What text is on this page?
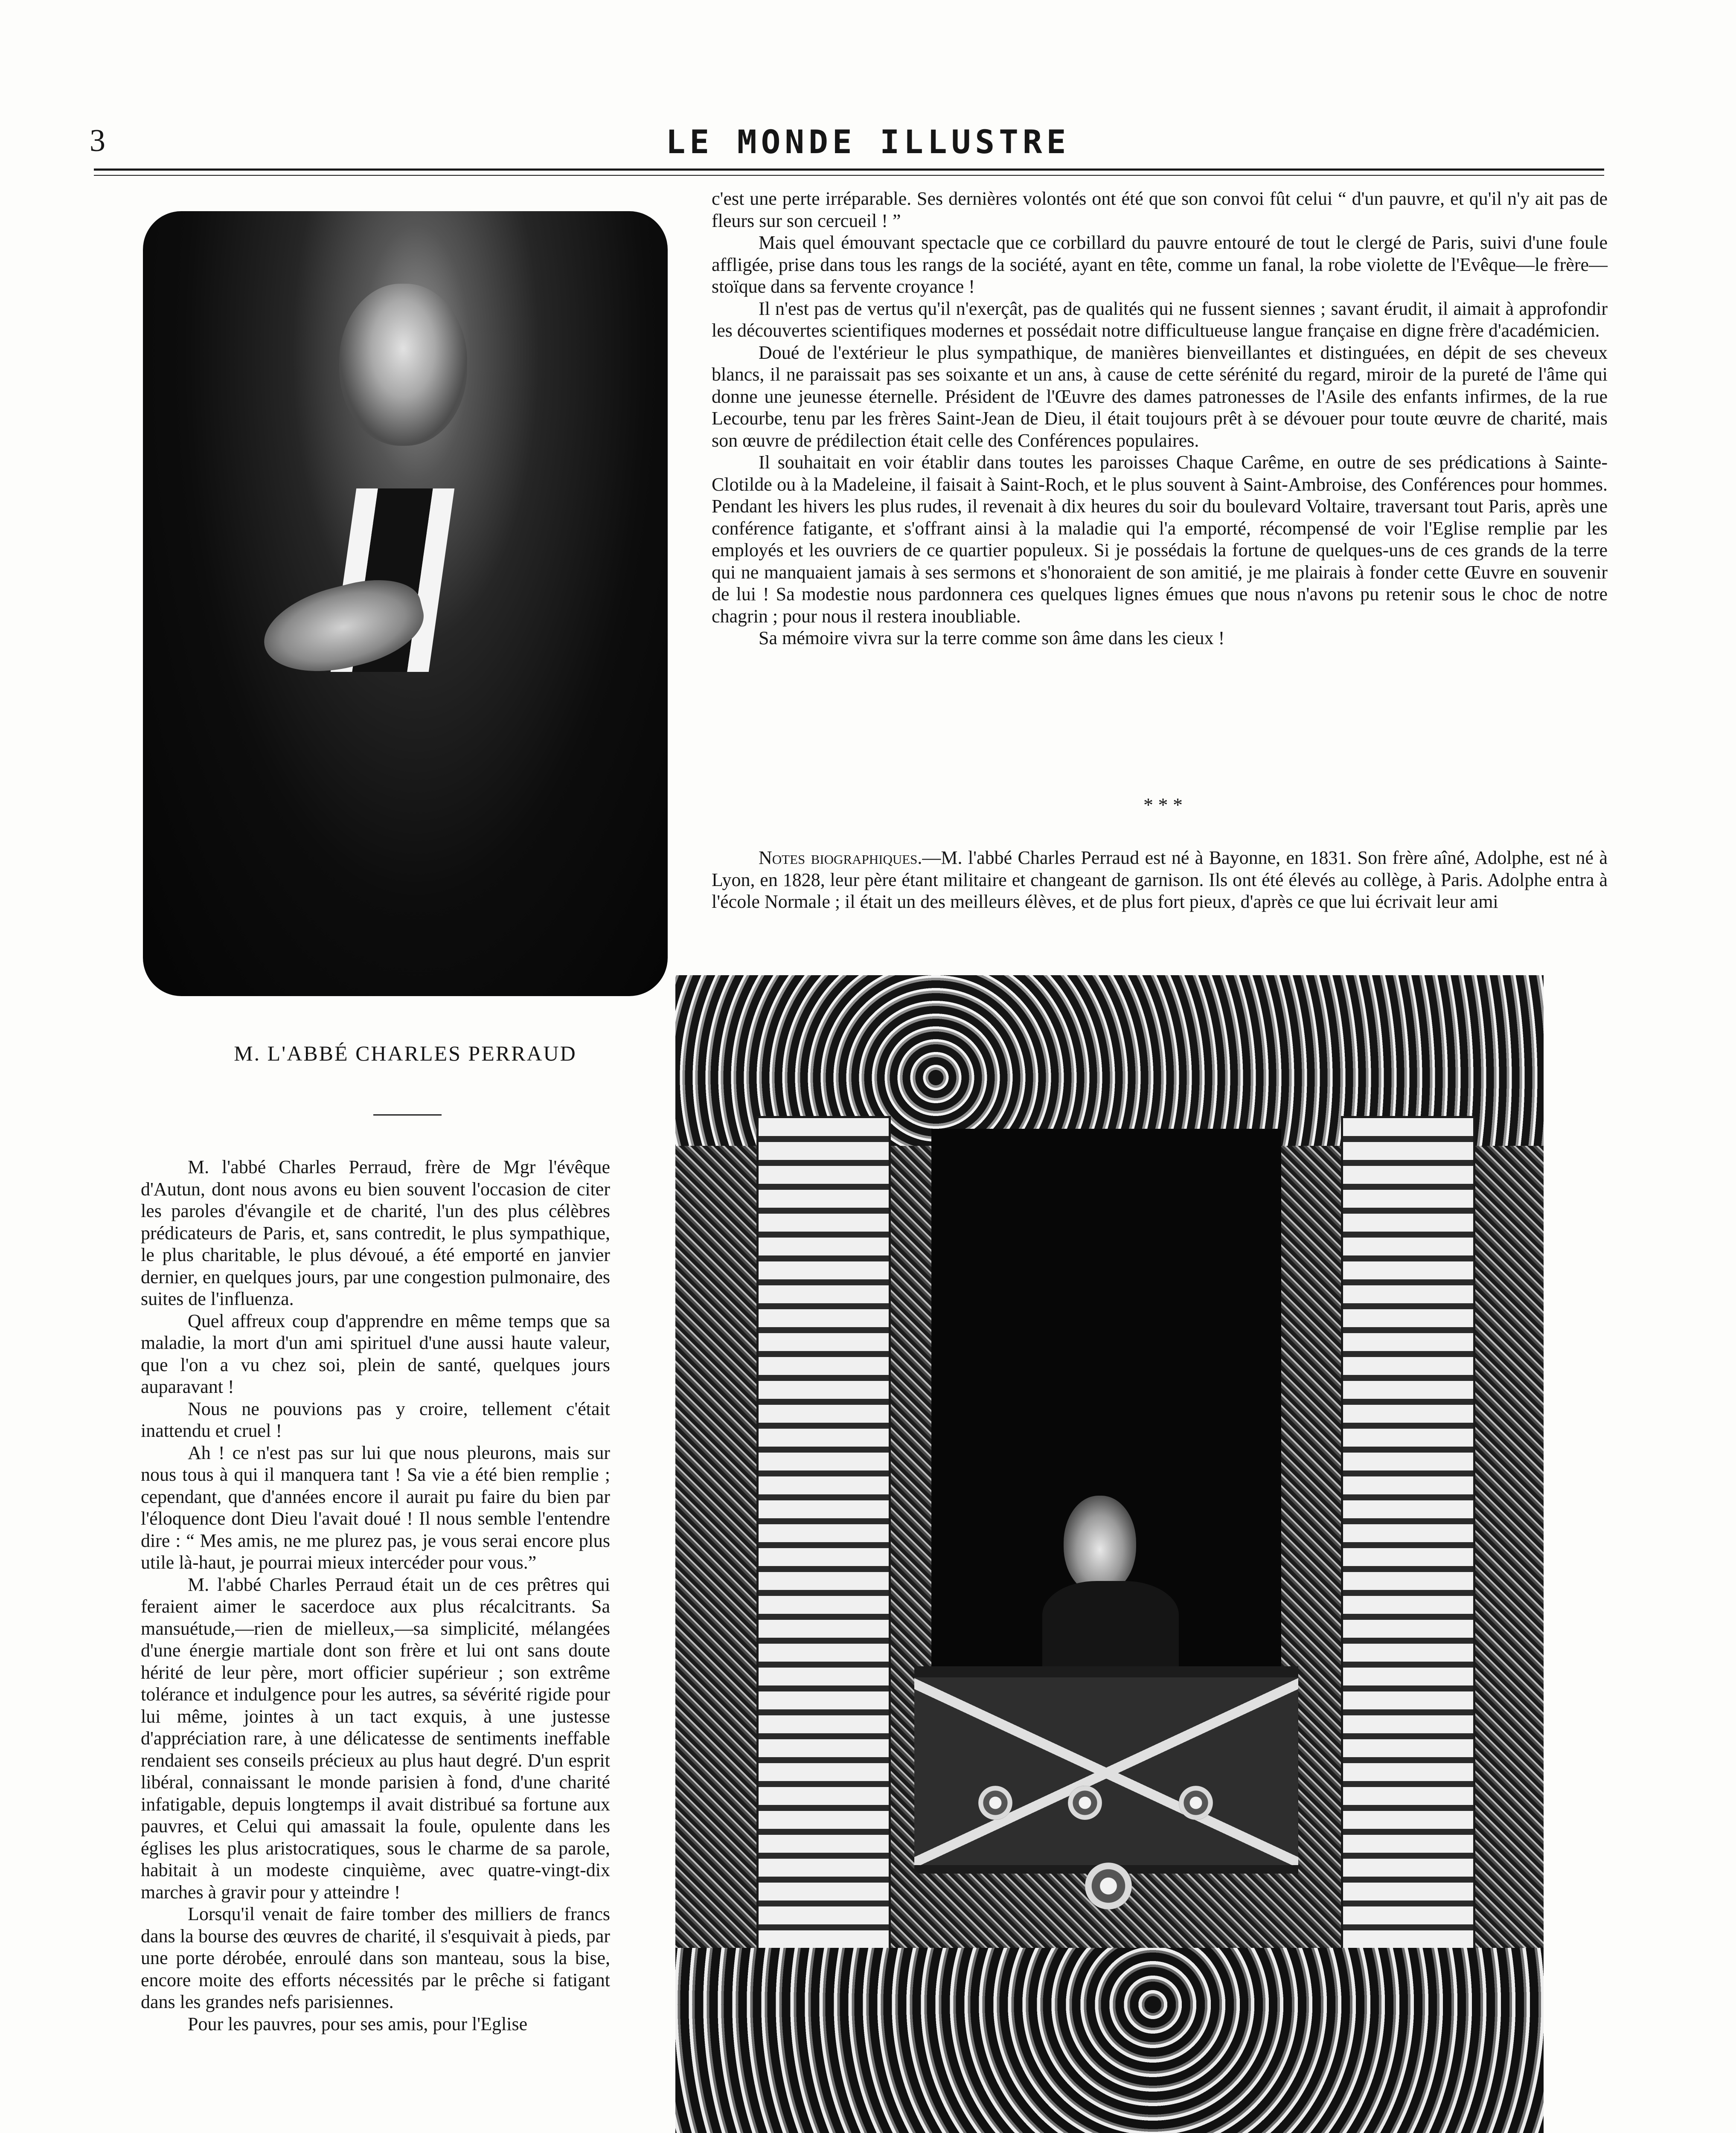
3	LE MONDE ILLUSTRE

c'est une perte irréparable. Ses dernières volontés ont été que son convoi fût celui “ d'un pauvre, et qu'il n'y ait pas de fleurs sur son cercueil ! ”

Mais quel émouvant spectacle que ce corbillard du pauvre entouré de tout le clergé de Paris, suivi d'une foule affligée, prise dans tous les rangs de la société, ayant en tête, comme un fanal, la robe violette de l'Evêque—le frère—stoïque dans sa fervente croyance !

Il n'est pas de vertus qu'il n'exerçât, pas de qualités qui ne fussent siennes ; savant érudit, il aimait à approfondir les découvertes scientifiques modernes et possédait notre difficultueuse langue française en digne frère d'académicien.

Doué de l'extérieur le plus sympathique, de manières bienveillantes et distinguées, en dépit de ses cheveux blancs, il ne paraissait pas ses soixante et un ans, à cause de cette sérénité du regard, miroir de la pureté de l'âme qui donne une jeunesse éternelle. Président de l'Œuvre des dames patronesses de l'Asile des enfants infirmes, de la rue Lecourbe, tenu par les frères Saint-Jean de Dieu, il était toujours prêt à se dévouer pour toute œuvre de charité, mais son œuvre de prédilection était celle des Conférences populaires.

Il souhaitait en voir établir dans toutes les paroisses Chaque Carême, en outre de ses prédications à Sainte-Clotilde ou à la Madeleine, il faisait à Saint-Roch, et le plus souvent à Saint-Ambroise, des Conférences pour hommes. Pendant les hivers les plus rudes, il revenait à dix heures du soir du boulevard Voltaire, traversant tout Paris, après une conférence fatigante, et s'offrant ainsi à la maladie qui l'a emporté, récompensé de voir l'Eglise remplie par les employés et les ouvriers de ce quartier populeux. Si je possédais la fortune de quelques-uns de ces grands de la terre qui ne manquaient jamais à ses sermons et s'honoraient de son amitié, je me plairais à fonder cette Œuvre en souvenir de lui ! Sa modestie nous pardonnera ces quelques lignes émues que nous n'avons pu retenir sous le choc de notre chagrin ; pour nous il restera inoubliable.

Sa mémoire vivra sur la terre comme son âme dans les cieux !

* * *

Notes biographiques.—M. l'abbé Charles Perraud est né à Bayonne, en 1831. Son frère aîné, Adolphe, est né à Lyon, en 1828, leur père étant militaire et changeant de garnison. Ils ont été élevés au collège, à Paris. Adolphe entra à l'école Normale ; il était un des meilleurs élèves, et de plus fort pieux, d'après ce que lui écrivait leur ami

M. L'ABBÉ CHARLES PERRAUD

M. l'abbé Charles Perraud, frère de Mgr l'évêque d'Autun, dont nous avons eu bien souvent l'occasion de citer les paroles d'évangile et de charité, l'un des plus célèbres prédicateurs de Paris, et, sans contredit, le plus sympathique, le plus charitable, le plus dévoué, a été emporté en janvier dernier, en quelques jours, par une congestion pulmonaire, des suites de l'influenza.

Quel affreux coup d'apprendre en même temps que sa maladie, la mort d'un ami spirituel d'une aussi haute valeur, que l'on a vu chez soi, plein de santé, quelques jours auparavant !

Nous ne pouvions pas y croire, tellement c'était inattendu et cruel !

Ah ! ce n'est pas sur lui que nous pleurons, mais sur nous tous à qui il manquera tant ! Sa vie a été bien remplie ; cependant, que d'années encore il aurait pu faire du bien par l'éloquence dont Dieu l'avait doué ! Il nous semble l'entendre dire : “ Mes amis, ne me plurez pas, je vous serai encore plus utile là-haut, je pourrai mieux intercéder pour vous.”

M. l'abbé Charles Perraud était un de ces prêtres qui feraient aimer le sacerdoce aux plus récalcitrants. Sa mansuétude,—rien de mielleux,—sa simplicité, mélangées d'une énergie martiale dont son frère et lui ont sans doute hérité de leur père, mort officier supérieur ; son extrême tolérance et indulgence pour les autres, sa sévérité rigide pour lui même, jointes à un tact exquis, à une justesse d'appréciation rare, à une délicatesse de sentiments ineffable rendaient ses conseils précieux au plus haut degré. D'un esprit libéral, connaissant le monde parisien à fond, d'une charité infatigable, depuis longtemps il avait distribué sa fortune aux pauvres, et Celui qui amassait la foule, opulente dans les églises les plus aristocratiques, sous le charme de sa parole, habitait à un modeste cinquième, avec quatre-vingt-dix marches à gravir pour y atteindre !

Lorsqu'il venait de faire tomber des milliers de francs dans la bourse des œuvres de charité, il s'esquivait à pieds, par une porte dérobée, enroulé dans son manteau, sous la bise, encore moite des efforts nécessités par le prêche si fatigant dans les grandes nefs parisiennes.

Pour les pauvres, pour ses amis, pour l'Eglise
